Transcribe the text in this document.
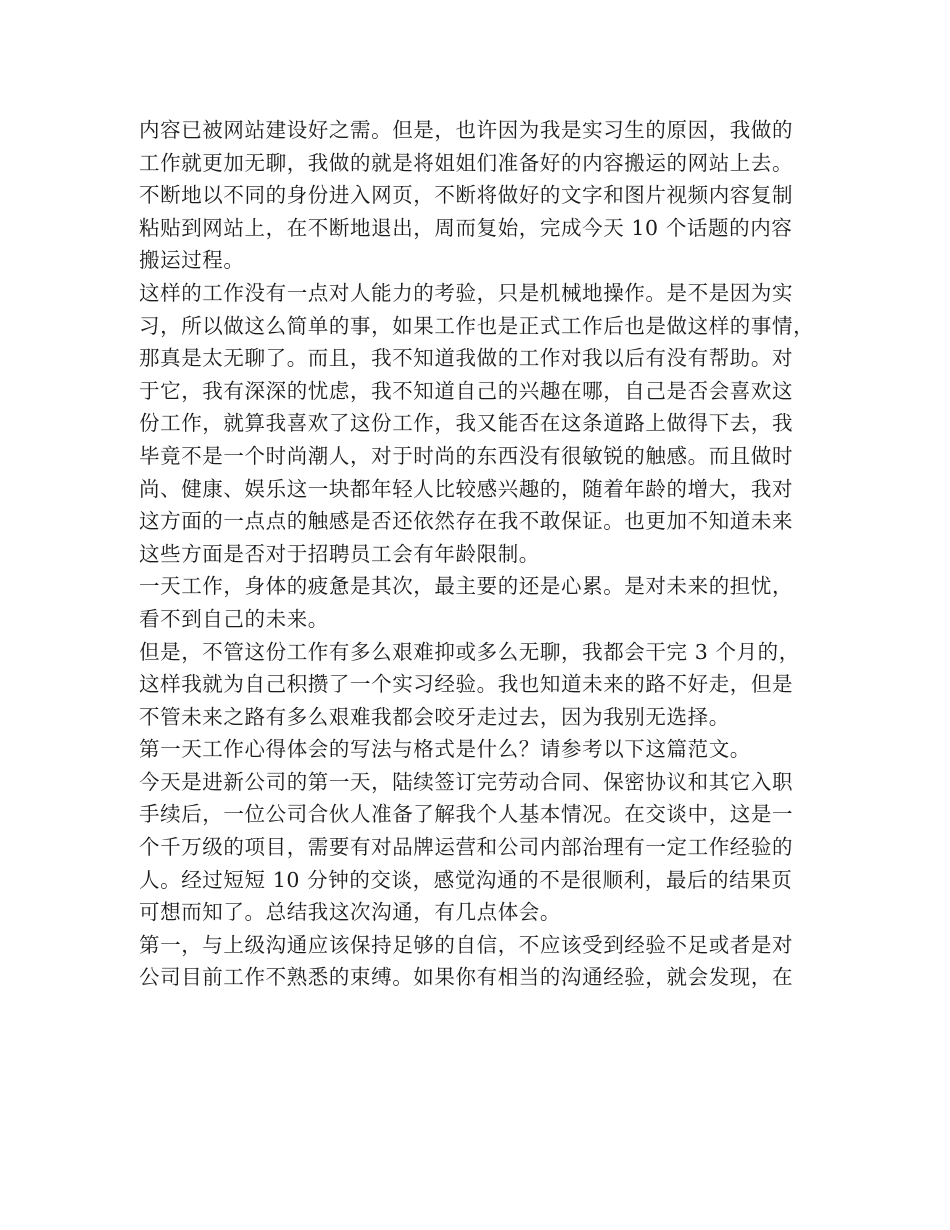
内容已被网站建设好之需。但是，也许因为我是实习生的原因，我做的
工作就更加无聊，我做的就是将姐姐们准备好的内容搬运的网站上去。
不断地以不同的身份进入网页，不断将做好的文字和图片视频内容复制
粘贴到网站上，在不断地退出，周而复始，完成今天 10 个话题的内容
搬运过程。
这样的工作没有一点对人能力的考验，只是机械地操作。是不是因为实
习，所以做这么简单的事，如果工作也是正式工作后也是做这样的事情，
那真是太无聊了。而且，我不知道我做的工作对我以后有没有帮助。对
于它，我有深深的忧虑，我不知道自己的兴趣在哪，自己是否会喜欢这
份工作，就算我喜欢了这份工作，我又能否在这条道路上做得下去，我
毕竟不是一个时尚潮人，对于时尚的东西没有很敏锐的触感。而且做时
尚、健康、娱乐这一块都年轻人比较感兴趣的，随着年龄的增大，我对
这方面的一点点的触感是否还依然存在我不敢保证。也更加不知道未来
这些方面是否对于招聘员工会有年龄限制。
一天工作，身体的疲惫是其次，最主要的还是心累。是对未来的担忧，
看不到自己的未来。
但是，不管这份工作有多么艰难抑或多么无聊，我都会干完 3 个月的，
这样我就为自己积攒了一个实习经验。我也知道未来的路不好走，但是
不管未来之路有多么艰难我都会咬牙走过去，因为我别无选择。
第一天工作心得体会的写法与格式是什么？请参考以下这篇范文。
今天是进新公司的第一天，陆续签订完劳动合同、保密协议和其它入职
手续后，一位公司合伙人准备了解我个人基本情况。在交谈中，这是一
个千万级的项目，需要有对品牌运营和公司内部治理有一定工作经验的
人。经过短短 10 分钟的交谈，感觉沟通的不是很顺利，最后的结果页
可想而知了。总结我这次沟通，有几点体会。
第一，与上级沟通应该保持足够的自信，不应该受到经验不足或者是对
公司目前工作不熟悉的束缚。如果你有相当的沟通经验，就会发现，在
